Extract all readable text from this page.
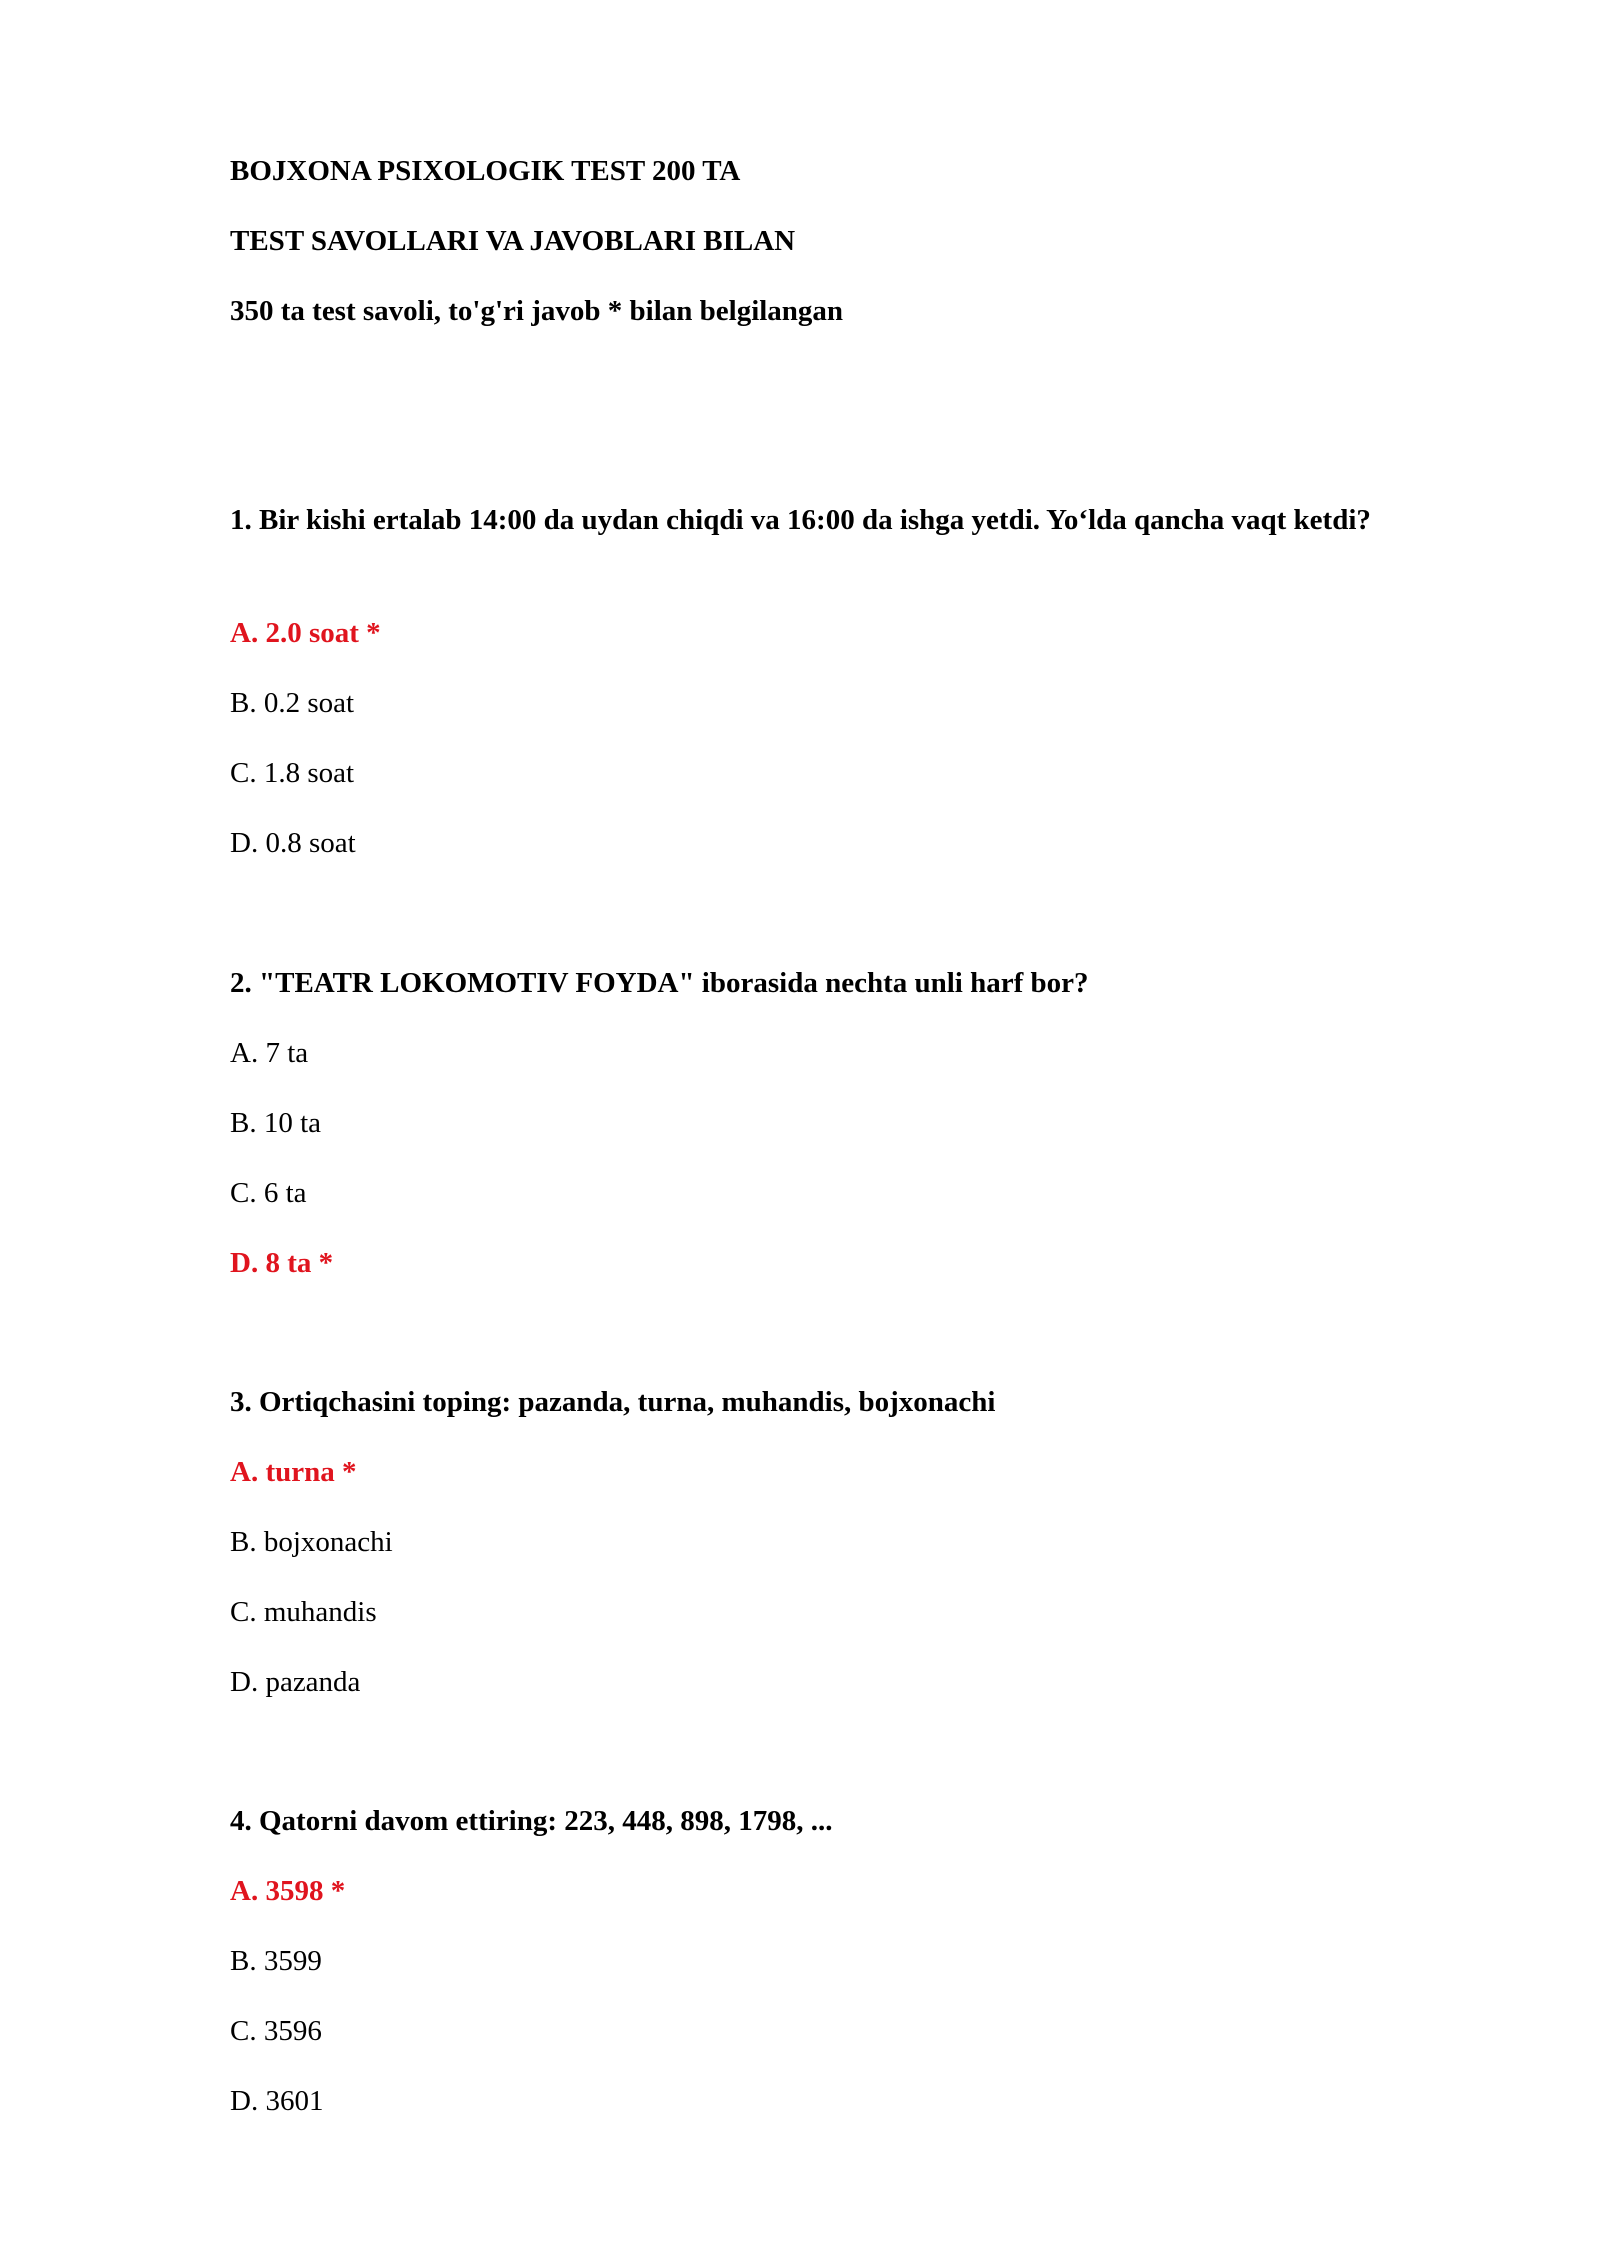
BOJXONA PSIXOLOGIK TEST 200 TA

TEST SAVOLLARI VA JAVOBLARI BILAN

350 ta test savoli, to'g'ri javob * bilan belgilangan

1. Bir kishi ertalab 14:00 da uydan chiqdi va 16:00 da ishga yetdi. Yo‘lda qancha vaqt ketdi?

A. 2.0 soat *

B. 0.2 soat

C. 1.8 soat

D. 0.8 soat

2. "TEATR LOKOMOTIV FOYDA" iborasida nechta unli harf bor?

A. 7 ta

B. 10 ta

C. 6 ta

D. 8 ta *

3. Ortiqchasini toping: pazanda, turna, muhandis, bojxonachi

A. turna *

B. bojxonachi

C. muhandis

D. pazanda

4. Qatorni davom ettiring: 223, 448, 898, 1798, ...

A. 3598 *

B. 3599

C. 3596

D. 3601
